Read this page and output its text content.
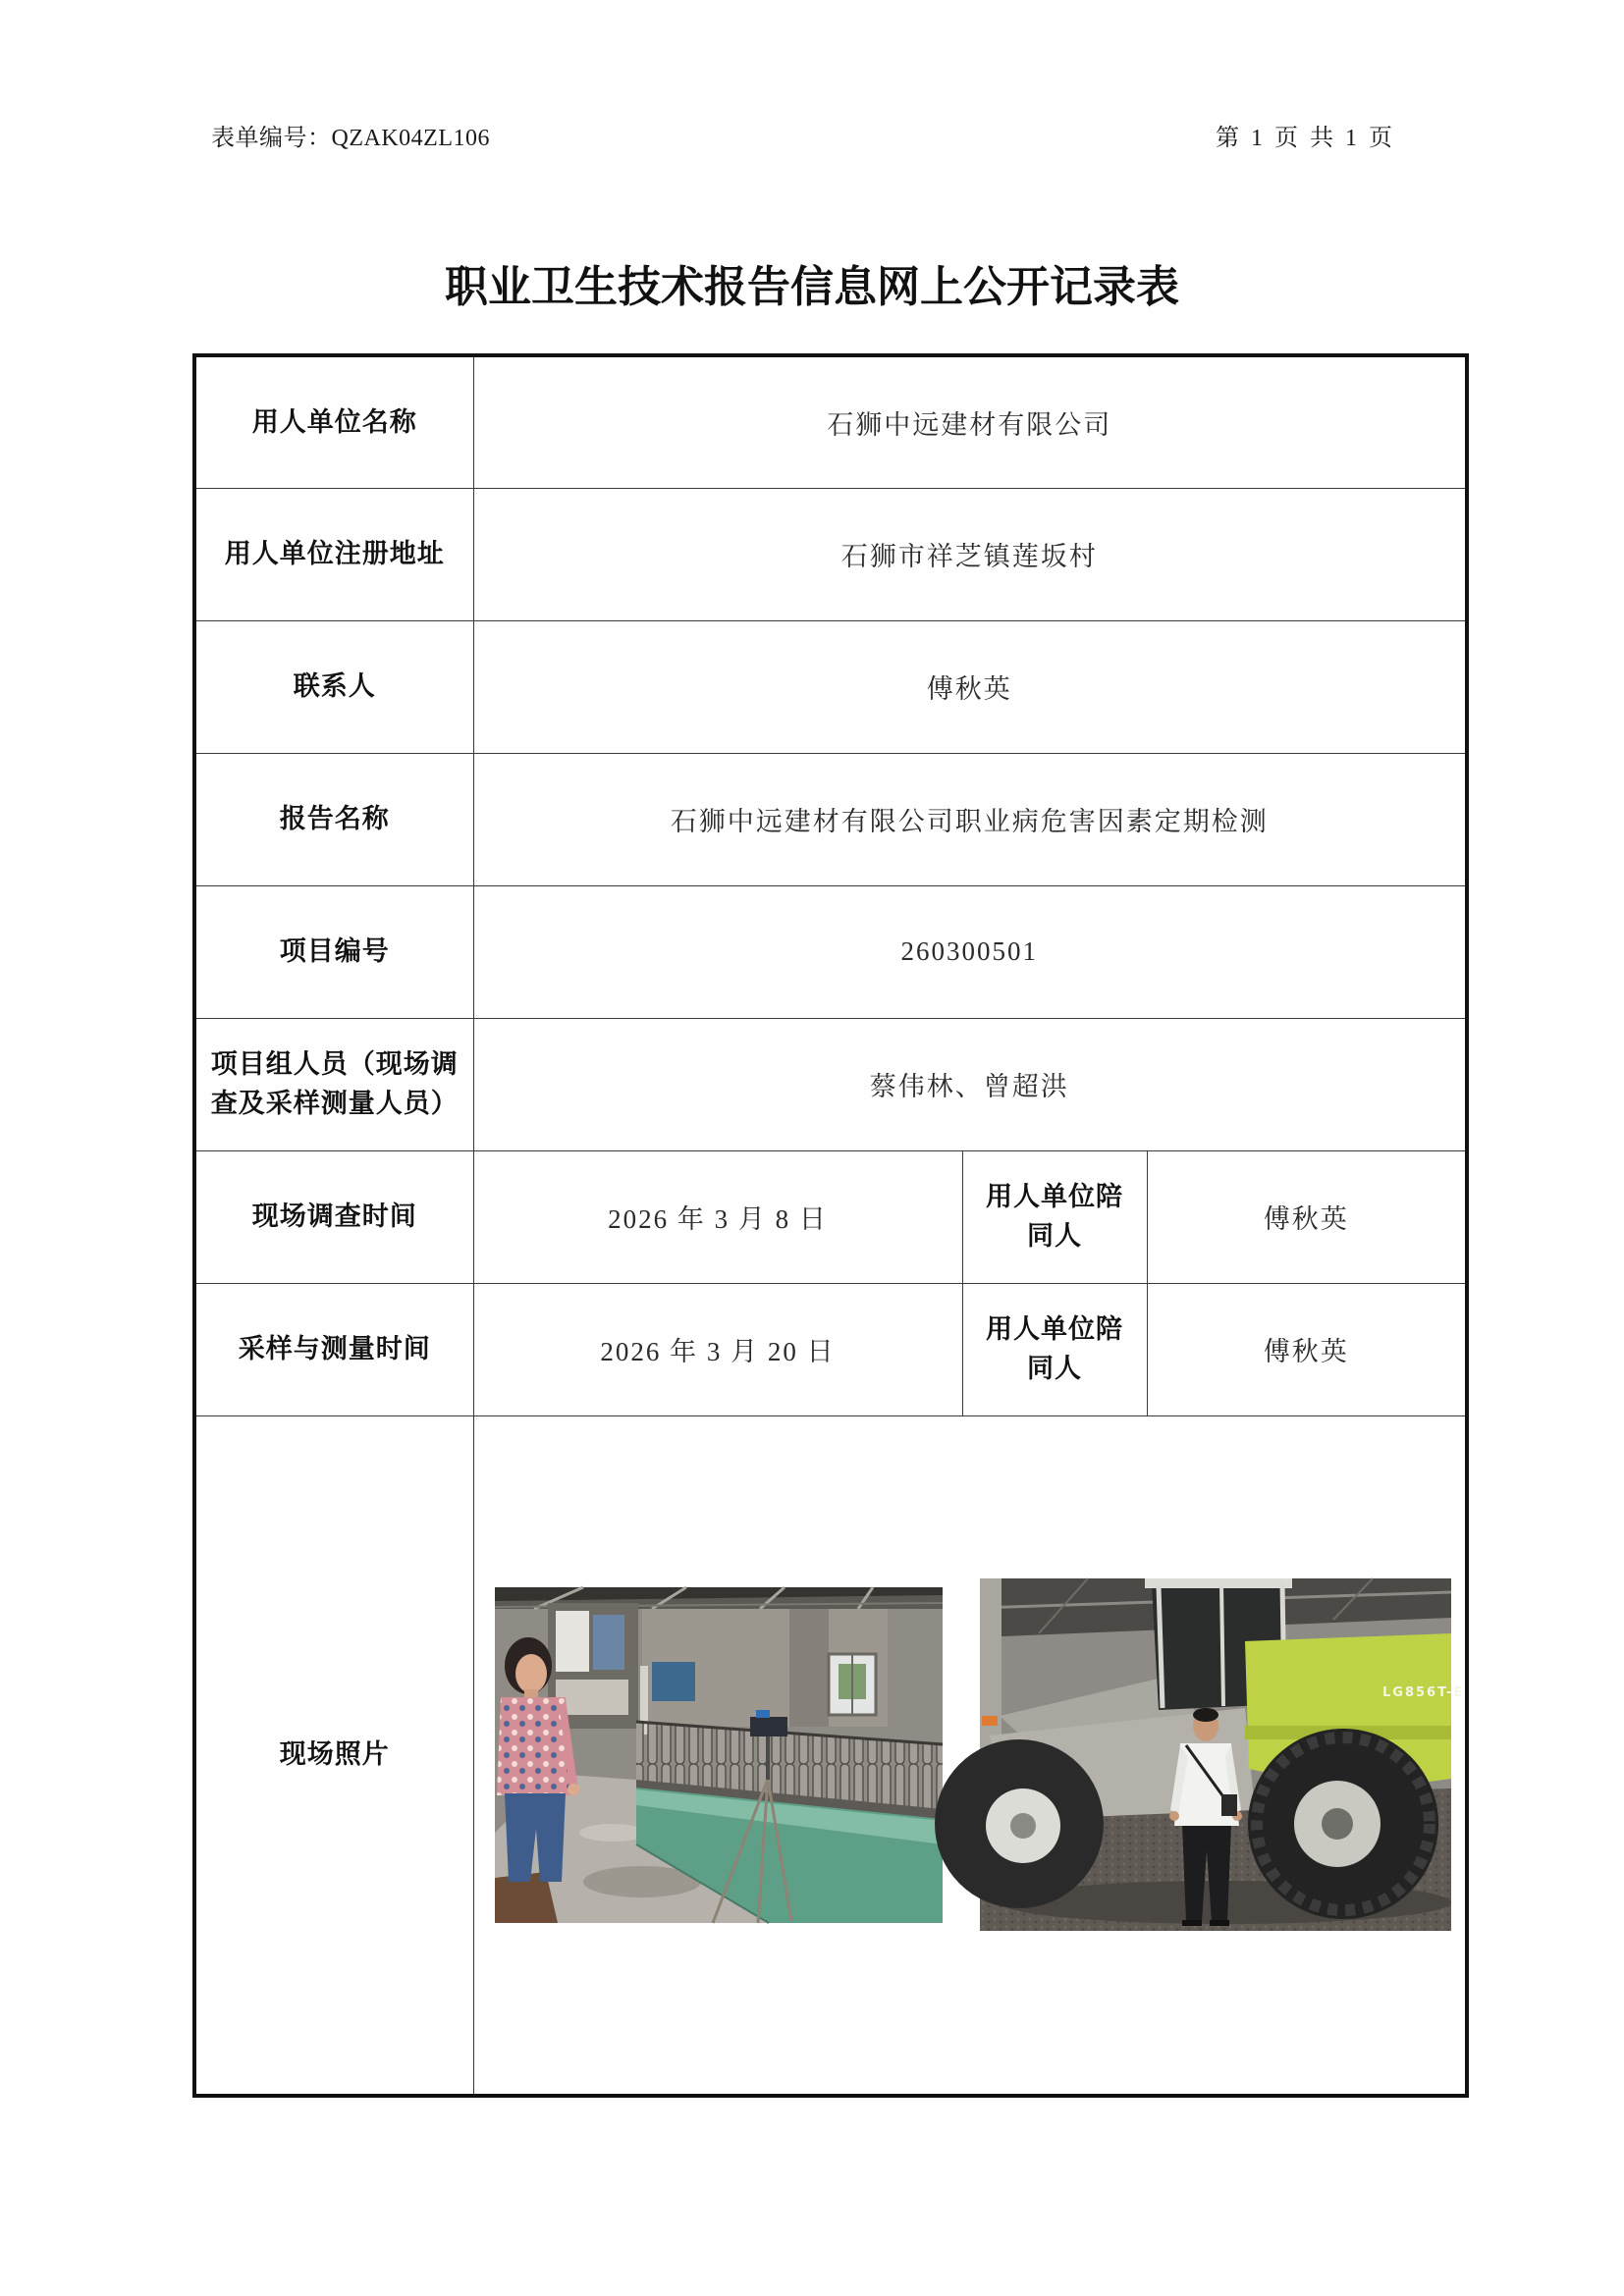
表单编号：QZAK04ZL106	第 1 页 共 1 页
职业卫生技术报告信息网上公开记录表
用人单位名称	石狮中远建材有限公司		
用人单位注册地址	石狮市祥芝镇莲坂村		
联系人	傅秋英		
报告名称	石狮中远建材有限公司职业病危害因素定期检测		
项目编号	260300501		
项目组人员（现场调查及采样测量人员）	蔡伟林、曾超洪		
现场调查时间	2026 年 3 月 8 日	用人单位陪同人	傅秋英
采样与测量时间	2026 年 3 月 20 日	用人单位陪同人	傅秋英
现场照片	LG856T-E		
